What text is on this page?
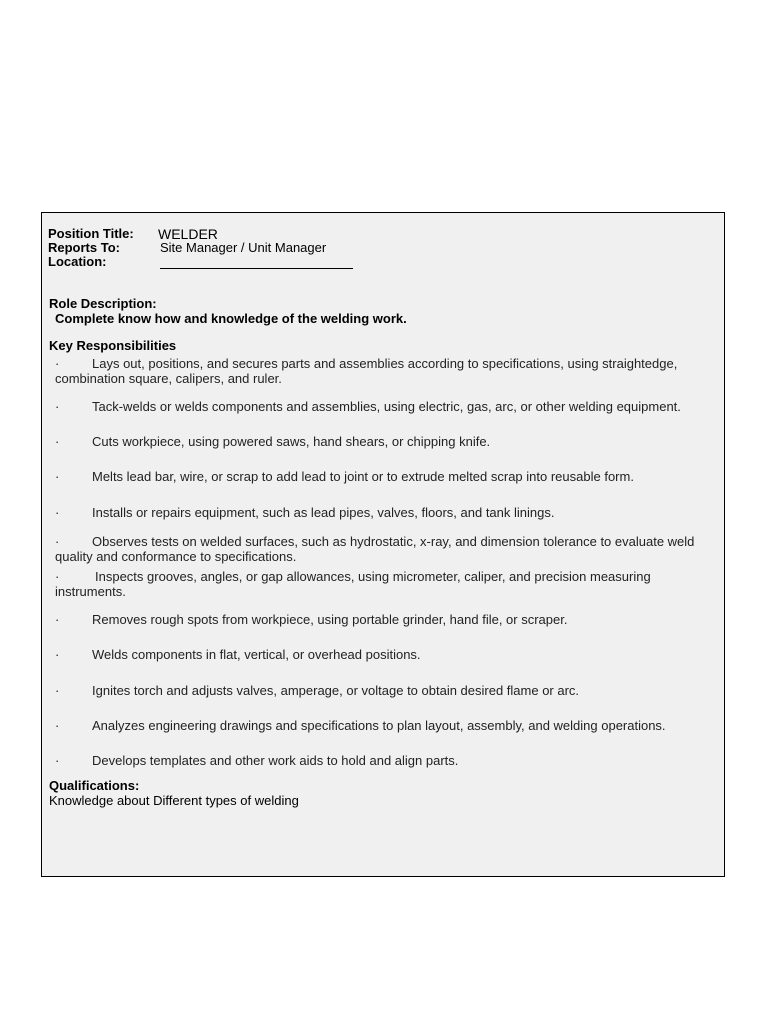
Position Title: WELDER
Reports To:	Site Manager / Unit Manager
Location:
Role Description:
Complete know how and knowledge of the welding work.
Key Responsibilities
·	Lays out, positions, and secures parts and assemblies according to specifications, using straightedge, combination square, calipers, and ruler.
·	Tack-welds or welds components and assemblies, using electric, gas, arc, or other welding equipment.
·	Cuts workpiece, using powered saws, hand shears, or chipping knife.
·	Melts lead bar, wire, or scrap to add lead to joint or to extrude melted scrap into reusable form.
·	Installs or repairs equipment, such as lead pipes, valves, floors, and tank linings.
·	Observes tests on welded surfaces, such as hydrostatic, x-ray, and dimension tolerance to evaluate weld quality and conformance to specifications.
·	Inspects grooves, angles, or gap allowances, using micrometer, caliper, and precision measuring instruments.
·	Removes rough spots from workpiece, using portable grinder, hand file, or scraper.
·	Welds components in flat, vertical, or overhead positions.
·	Ignites torch and adjusts valves, amperage, or voltage to obtain desired flame or arc.
·	Analyzes engineering drawings and specifications to plan layout, assembly, and welding operations.
·	Develops templates and other work aids to hold and align parts.
Qualifications:
Knowledge about Different types of welding
